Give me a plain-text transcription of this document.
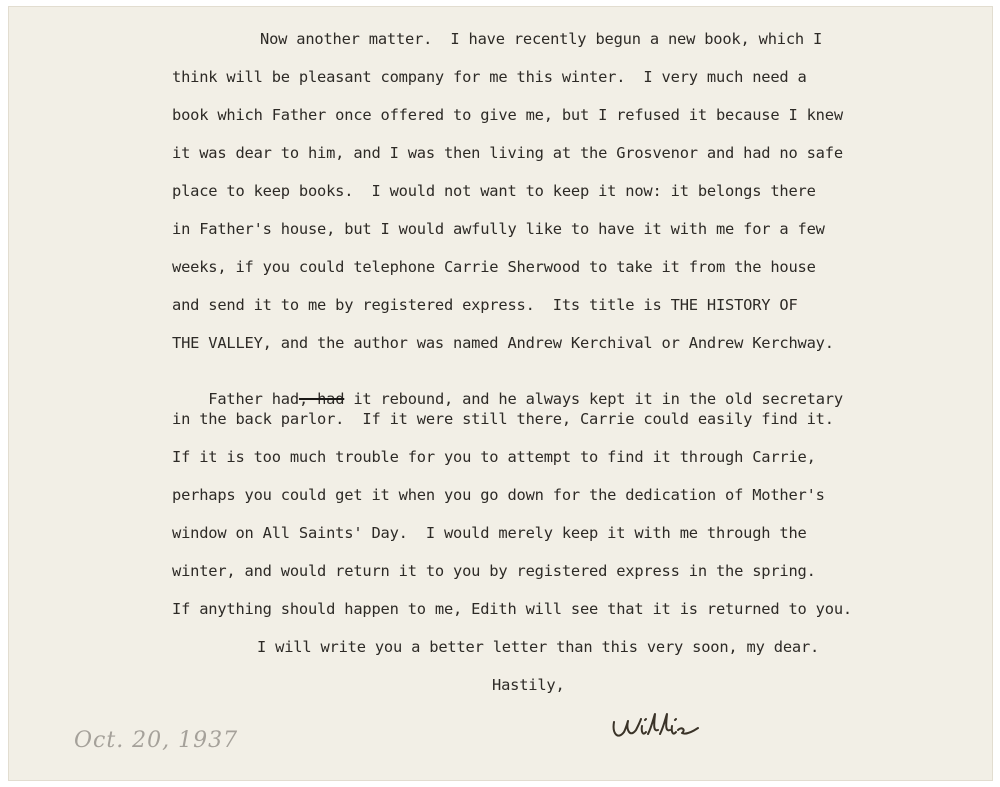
Now another matter.  I have recently begun a new book, which I
think will be pleasant company for me this winter.  I very much need a
book which Father once offered to give me, but I refused it because I knew
it was dear to him, and I was then living at the Grosvenor and had no safe
place to keep books.  I would not want to keep it now: it belongs there
in Father's house, but I would awfully like to have it with me for a few
weeks, if you could telephone Carrie Sherwood to take it from the house
and send it to me by registered express.  Its title is THE HISTORY OF
THE VALLEY, and the author was named Andrew Kerchival or Andrew Kerchway.

Father had, had it rebound, and he always kept it in the old secretary

in the back parlor.  If it were still there, Carrie could easily find it.
If it is too much trouble for you to attempt to find it through Carrie,
perhaps you could get it when you go down for the dedication of Mother's
window on All Saints' Day.  I would merely keep it with me through the
winter, and would return it to you by registered express in the spring.
If anything should happen to me, Edith will see that it is returned to you.
I will write you a better letter than this very soon, my dear.
Hastily,
Oct. 20, 1937
